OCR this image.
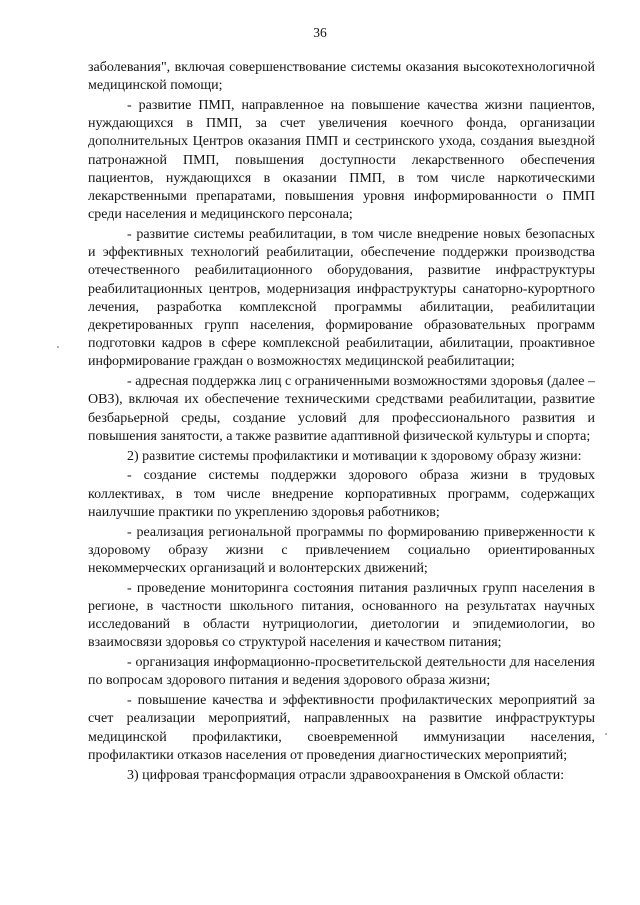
36

заболевания", включая совершенствование системы оказания высокотехнологичной медицинской помощи;

- развитие ПМП, направленное на повышение качества жизни пациентов, нуждающихся в ПМП, за счет увеличения коечного фонда, организации дополнительных Центров оказания ПМП и сестринского ухода, создания выездной патронажной ПМП, повышения доступности лекарственного обеспечения пациентов, нуждающихся в оказании ПМП, в том числе наркотическими лекарственными препаратами, повышения уровня информированности о ПМП среди населения и медицинского персонала;

- развитие системы реабилитации, в том числе внедрение новых безопасных и эффективных технологий реабилитации, обеспечение поддержки производства отечественного реабилитационного оборудования, развитие инфраструктуры реабилитационных центров, модернизация инфраструктуры санаторно-курортного лечения, разработка комплексной программы абилитации, реабилитации декретированных групп населения, формирование образовательных программ подготовки кадров в сфере комплексной реабилитации, абилитации, проактивное информирование граждан о возможностях медицинской реабилитации;

- адресная поддержка лиц с ограниченными возможностями здоровья (далее – ОВЗ), включая их обеспечение техническими средствами реабилитации, развитие безбарьерной среды, создание условий для профессионального развития и повышения занятости, а также развитие адаптивной физической культуры и спорта;

2) развитие системы профилактики и мотивации к здоровому образу жизни:

- создание системы поддержки здорового образа жизни в трудовых коллективах, в том числе внедрение корпоративных программ, содержащих наилучшие практики по укреплению здоровья работников;

- реализация региональной программы по формированию приверженности к здоровому образу жизни с привлечением социально ориентированных некоммерческих организаций и волонтерских движений;

- проведение мониторинга состояния питания различных групп населения в регионе, в частности школьного питания, основанного на результатах научных исследований в области нутрициологии, диетологии и эпидемиологии, во взаимосвязи здоровья со структурой населения и качеством питания;

- организация информационно-просветительской деятельности для населения по вопросам здорового питания и ведения здорового образа жизни;

- повышение качества и эффективности профилактических мероприятий за счет реализации мероприятий, направленных на развитие инфраструктуры медицинской профилактики, своевременной иммунизации населения, профилактики отказов населения от проведения диагностических мероприятий;

3) цифровая трансформация отрасли здравоохранения в Омской области:
